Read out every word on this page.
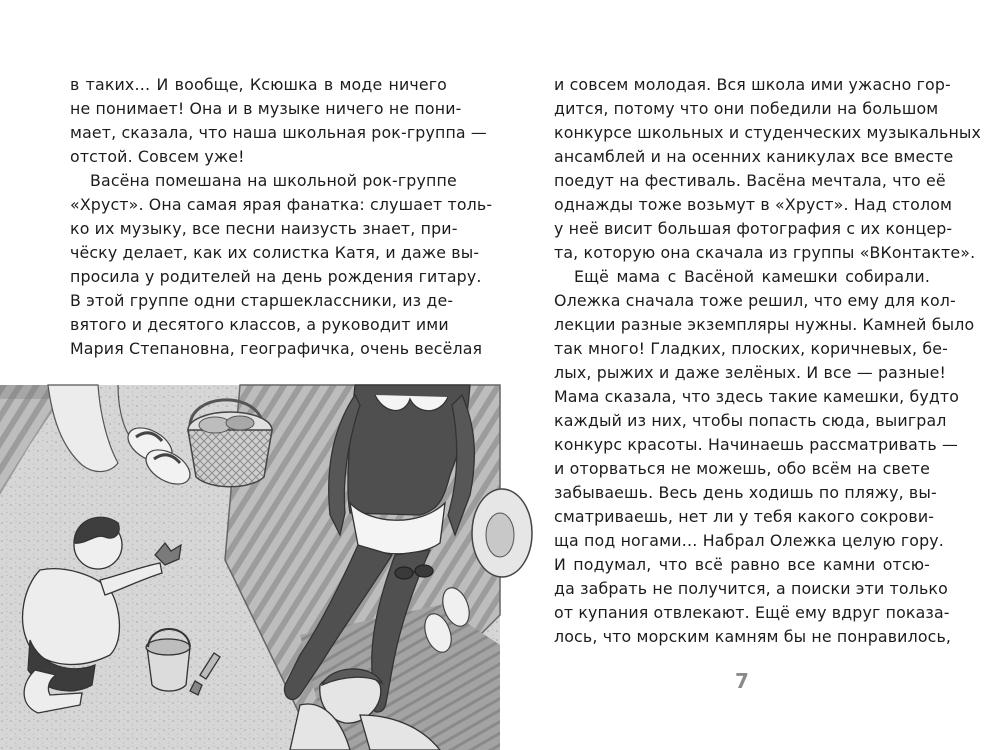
в таких… И вообще, Ксюшка в моде ничего
не понимает! Она и в музыке ничего не пони-
мает, сказала, что наша школьная рок-группа —
отстой. Совсем уже!
Васёна помешана на школьной рок-группе
«Хруст». Она самая ярая фанатка: слушает толь-
ко их музыку, все песни наизусть знает, при-
чёску делает, как их солистка Катя, и даже вы-
просила у родителей на день рождения гитару.
В этой группе одни старшеклассники, из де-
вятого и десятого классов, а руководит ими
Мария Степановна, географичка, очень весёлая
и совсем молодая. Вся школа ими ужасно гор-
дится, потому что они победили на большом
конкурсе школьных и студенческих музыкальных
ансамблей и на осенних каникулах все вместе
поедут на фестиваль. Васёна мечтала, что её
однажды тоже возьмут в «Хруст». Над столом
у неё висит большая фотография с их концер-
та, которую она скачала из группы «ВКонтакте».
Ещё мама с Васёной камешки собирали.
Олежка сначала тоже решил, что ему для кол-
лекции разные экземпляры нужны. Камней было
так много! Гладких, плоских, коричневых, бе-
лых, рыжих и даже зелёных. И все — разные!
Мама сказала, что здесь такие камешки, будто
каждый из них, чтобы попасть сюда, выиграл
конкурс красоты. Начинаешь рассматривать —
и оторваться не можешь, обо всём на свете
забываешь. Весь день ходишь по пляжу, вы-
сматриваешь, нет ли у тебя какого сокрови-
ща под ногами… Набрал Олежка целую гору.
И подумал, что всё равно все камни отсю-
да забрать не получится, а поиски эти только
от купания отвлекают. Ещё ему вдруг показа-
лось, что морским камням бы не понравилось,
7
